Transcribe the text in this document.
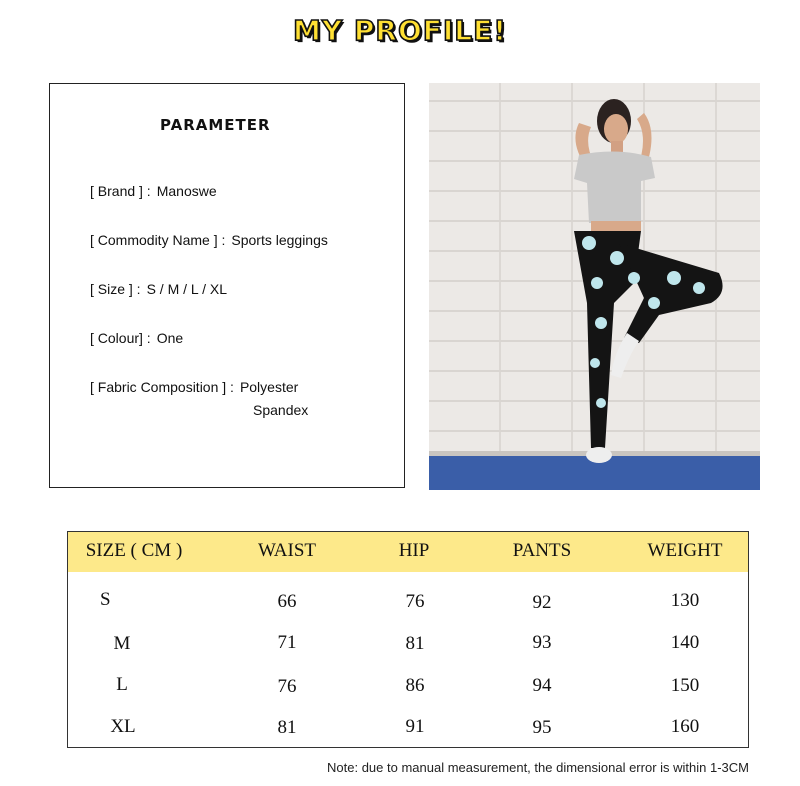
MY PROFILE!
PARAMETER
[ Brand ] : Manoswe
[ Commodity Name ] : Sports leggings
[ Size ] : S / M / L / XL
[ Colour] : One
[ Fabric Composition ] : Polyester
Spandex
SIZE ( CM )	WAIST	HIP	PANTS	WEIGHT
S	66	76	92	130
M	71	81	93	140
L	76	86	94	150
XL	81	91	95	160
Note: due to manual measurement, the dimensional error is within 1-3CM
